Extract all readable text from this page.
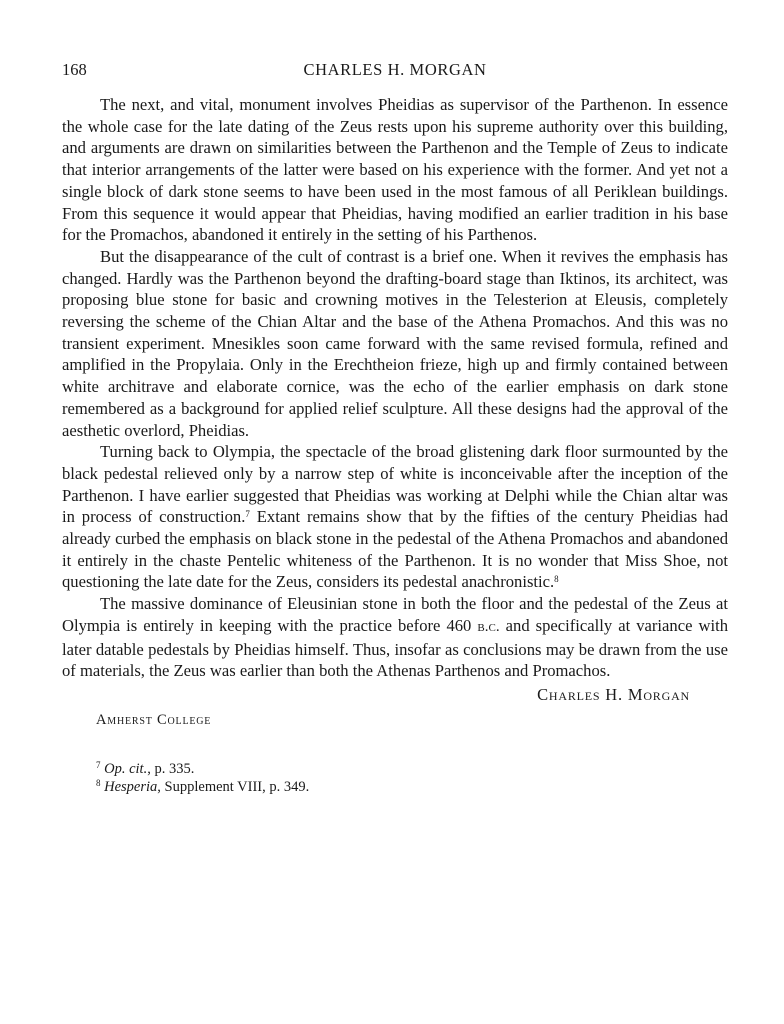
168	CHARLES H. MORGAN

The next, and vital, monument involves Pheidias as supervisor of the Parthenon. In essence the whole case for the late dating of the Zeus rests upon his supreme authority over this building, and arguments are drawn on similarities between the Parthenon and the Temple of Zeus to indicate that interior arrangements of the latter were based on his experience with the former. And yet not a single block of dark stone seems to have been used in the most famous of all Periklean buildings. From this sequence it would appear that Pheidias, having modified an earlier tradition in his base for the Promachos, abandoned it entirely in the setting of his Parthenos.

But the disappearance of the cult of contrast is a brief one. When it revives the emphasis has changed. Hardly was the Parthenon beyond the drafting-board stage than Iktinos, its architect, was proposing blue stone for basic and crowning motives in the Telesterion at Eleusis, completely reversing the scheme of the Chian Altar and the base of the Athena Promachos. And this was no transient experiment. Mnesikles soon came forward with the same revised formula, refined and amplified in the Propylaia. Only in the Erechtheion frieze, high up and firmly contained between white architrave and elaborate cornice, was the echo of the earlier emphasis on dark stone remembered as a background for applied relief sculpture. All these designs had the approval of the aesthetic overlord, Pheidias.

Turning back to Olympia, the spectacle of the broad glistening dark floor surmounted by the black pedestal relieved only by a narrow step of white is inconceivable after the inception of the Parthenon. I have earlier suggested that Pheidias was working at Delphi while the Chian altar was in process of construction.$^7$ Extant remains show that by the fifties of the century Pheidias had already curbed the emphasis on black stone in the pedestal of the Athena Promachos and abandoned it entirely in the chaste Pentelic whiteness of the Parthenon. It is no wonder that Miss Shoe, not questioning the late date for the Zeus, considers its pedestal anachronistic.$^8$

The massive dominance of Eleusinian stone in both the floor and the pedestal of the Zeus at Olympia is entirely in keeping with the practice before 460 b.c. and specifically at variance with later datable pedestals by Pheidias himself. Thus, insofar as conclusions may be drawn from the use of materials, the Zeus was earlier than both the Athenas Parthenos and Promachos.

Charles H. Morgan
Amherst College

$^7$ Op. cit., p. 335.

$^8$ Hesperia, Supplement VIII, p. 349.
